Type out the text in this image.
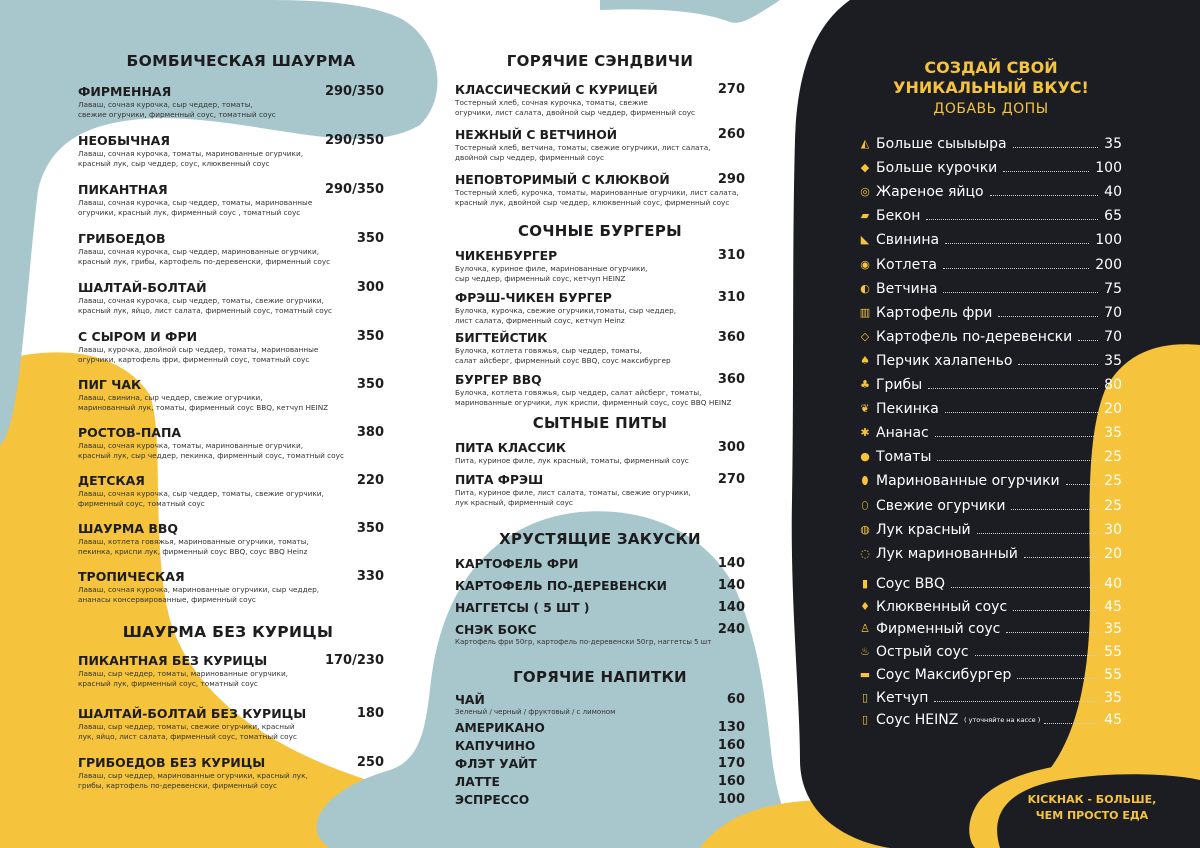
БОМБИЧЕСКАЯ ШАУРМА
ФИРМЕННАЯ	290/350
Лаваш, сочная курочка, сыр чеддер, томаты,
свежие огурчики, фирменный соус, томатный соус
НЕОБЫЧНАЯ	290/350
Лаваш, сочная курочка, томаты, маринованные огурчики,
красный лук, сыр чеддер, соус, клюквенный соус
ПИКАНТНАЯ	290/350
Лаваш, сочная курочка, сыр чеддер, томаты, маринованные
огурчики, красный лук, фирменный соус , томатный соус
ГРИБОЕДОВ	350
Лаваш, сочная курочка, сыр чеддер, маринованные огурчики,
красный лук, грибы, картофель по-деревенски, фирменный соус
ШАЛТАЙ-БОЛТАЙ	300
Лаваш, сочная курочка, сыр чеддер, томаты, свежие огурчики,
красный лук, яйцо, лист салата, фирменный соус, томатный соус
С СЫРОМ И ФРИ	350
Лаваш, курочка, двойной сыр чеддер, томаты, маринованные
огурчики, картофель фри, фирменный соус, томатный соус
ПИГ ЧАК	350
Лаваш, свинина, сыр чеддер, свежие огурчики,
маринованный лук, томаты, фирменный соус BBQ, кетчуп HEINZ
РОСТОВ-ПАПА	380
Лаваш, сочная курочка, томаты, маринованные огурчики,
красный лук, сыр чеддер, пекинка, фирменный соус, томатный соус
ДЕТСКАЯ	220
Лаваш, сочная курочка, сыр чеддер, томаты, свежие огурчики,
фирменный соус, томатный соус
ШАУРМА BBQ	350
Лаваш, котлета говяжья, маринованные огурчики, томаты,
пекинка, криспи лук, фирменный соус BBQ, соус BBQ Heinz
ТРОПИЧЕСКАЯ	330
Лаваш, сочная курочка, маринованные огурчики, сыр чеддер,
ананасы консервированные, фирменный соус
ШАУРМА БЕЗ КУРИЦЫ
ПИКАНТНАЯ БЕЗ КУРИЦЫ	170/230
Лаваш, сыр чеддер, томаты, маринованные огурчики,
красный лук, фирменный соус, томатный соус
ШАЛТАЙ-БОЛТАЙ БЕЗ КУРИЦЫ	180
Лаваш, сыр чеддер, томаты, свежие огурчики, красный
лук, яйцо, лист салата, фирменный соус, томатный соус
ГРИБОЕДОВ БЕЗ КУРИЦЫ	250
Лаваш, сыр чеддер, маринованные огурчики, красный лук,
грибы, картофель по-деревенски, фирменный соус
ГОРЯЧИЕ СЭНДВИЧИ
КЛАССИЧЕСКИЙ С КУРИЦЕЙ	270
Тостерный хлеб, сочная курочка, томаты, свежие
огурчики, лист салата, двойной сыр чеддер, фирменный соус
НЕЖНЫЙ С ВЕТЧИНОЙ	260
Тостерный хлеб, ветчина, томаты, свежие огурчики, лист салата,
двойной сыр чеддер, фирменный соус
НЕПОВТОРИМЫЙ С КЛЮКВОЙ	290
Тостерный хлеб, курочка, томаты, маринованные огурчики, лист салата,
красный лук, двойной сыр чеддер, клюквенный соус, фирменный соус
СОЧНЫЕ БУРГЕРЫ
ЧИКЕНБУРГЕР	310
Булочка, куриное филе, маринованные огурчики,
сыр чеддер, фирменный соус, кетчуп HEINZ
ФРЭШ-ЧИКЕН БУРГЕР	310
Булочка, курочка, свежие огурчики,томаты, сыр чеддер,
лист салата, фирменный соус, кетчуп Heinz
БИГТЕЙСТИК	360
Булочка, котлета говяжья, сыр чеддер, томаты,
салат айсберг, фирменный соус BBQ, соус максибургер
БУРГЕР BBQ	360
Булочка, котлета говяжья, сыр чеддер, салат айсберг, томаты,
маринованные огурчики, лук криспи, фирменный соус, соус BBQ HEINZ
СЫТНЫЕ ПИТЫ
ПИТА КЛАССИК	300
Пита, куриное филе, лук красный, томаты, фирменный соус
ПИТА ФРЭШ	270
Пита, куриное филе, лист салата, томаты, свежие огурчики,
лук красный, фирменный соус
ХРУСТЯЩИЕ ЗАКУСКИ
КАРТОФЕЛЬ ФРИ	140
КАРТОФЕЛЬ ПО-ДЕРЕВЕНСКИ	140
НАГГЕТСЫ ( 5 ШТ )	140
СНЭК БОКС	240
Картофель фри 50гр, картофель по-деревенски 50гр, наггетсы 5 шт
ГОРЯЧИЕ НАПИТКИ
ЧАЙ	60
Зеленый / черный / фруктовый / с лимоном
АМЕРИКАНО	130
КАПУЧИНО	160
ФЛЭТ УАЙТ	170
ЛАТТЕ	160
ЭСПРЕССО	100
СОЗДАЙ СВОЙ
УНИКАЛЬНЫЙ ВКУС!
ДОБАВЬ ДОПЫ
◭ Больше сыыыыра	35
◆ Больше курочки	100
◎ Жареное яйцо	40
▰ Бекон	65
◣ Свинина	100
◉ Котлета	200
◐ Ветчина	75
▥ Картофель фри	70
◇ Картофель по-деревенски 70
♠ Перчик халапеньо	35
♣ Грибы	80
❦ Пекинка	20
✱ Ананас	35
● Томаты	25
⬮ Маринованные огурчики	25
⬯ Свежие огурчики	25
◍ Лук красный	30
◌ Лук маринованный	20
▮ Соус BBQ	40
♦ Клюквенный соус	45
♙ Фирменный соус	35
♨ Острый соус	55
▬ Соус Максибургер	55
▯ Кетчуп	35
▯ Соус HEINZ	45
( уточняйте на кассе )
KICKНАК - БОЛЬШЕ,
ЧЕМ ПРОСТО ЕДА
